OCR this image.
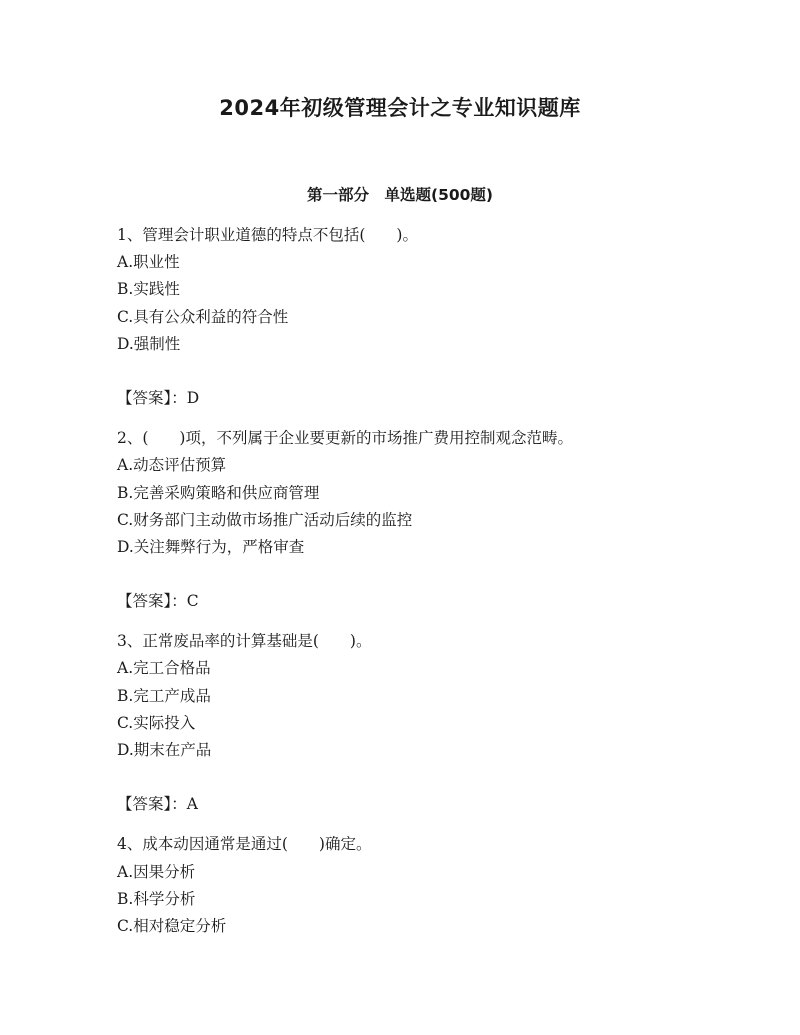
2024年初级管理会计之专业知识题库
第一部分　单选题(500题)
1、管理会计职业道德的特点不包括(　　)。
A.职业性
B.实践性
C.具有公众利益的符合性
D.强制性
【答案】：D
2、(　　)项，不列属于企业要更新的市场推广费用控制观念范畴。
A.动态评估预算
B.完善采购策略和供应商管理
C.财务部门主动做市场推广活动后续的监控
D.关注舞弊行为，严格审查
【答案】：C
3、正常废品率的计算基础是(　　)。
A.完工合格品
B.完工产成品
C.实际投入
D.期末在产品
【答案】：A
4、成本动因通常是通过(　　)确定。
A.因果分析
B.科学分析
C.相对稳定分析
